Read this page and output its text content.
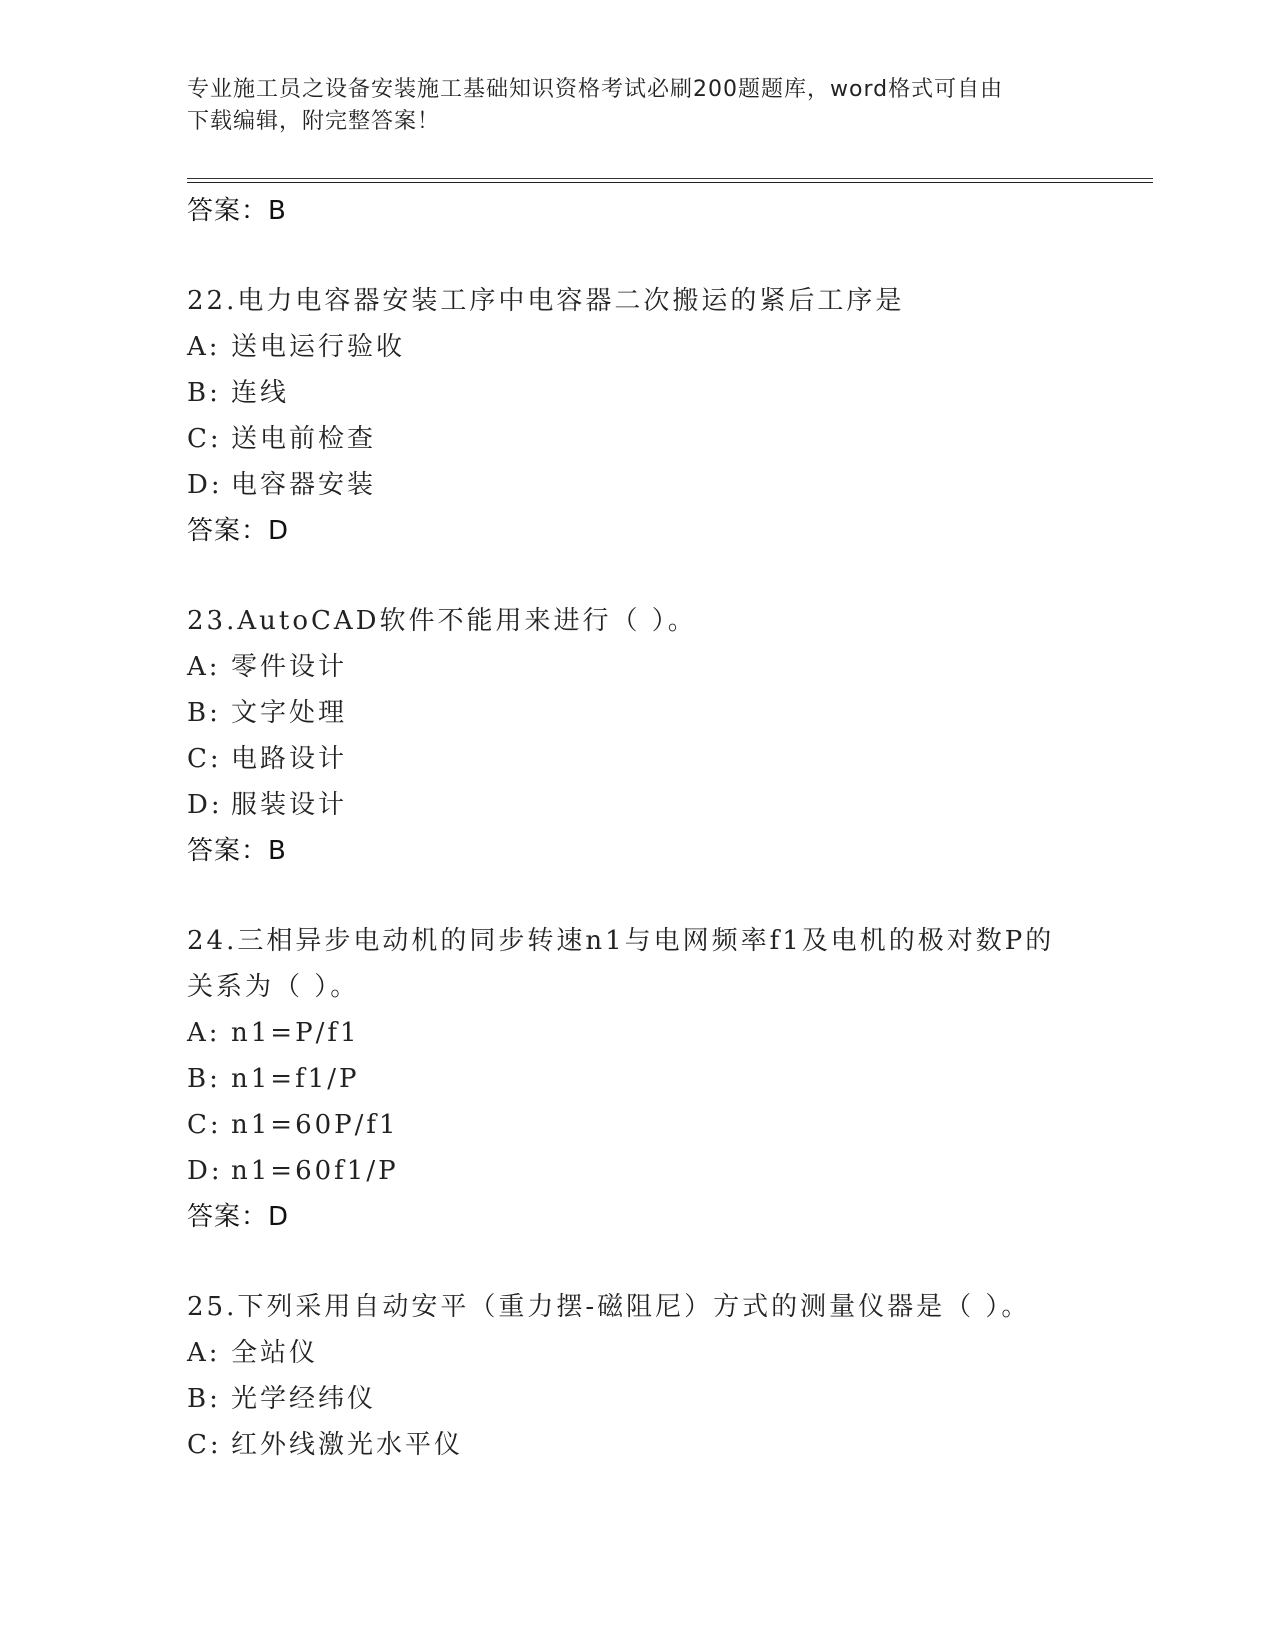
专业施工员之设备安装施工基础知识资格考试必刷200题题库，word格式可自由
下载编辑，附完整答案！
答案：B
22.电力电容器安装工序中电容器二次搬运的紧后工序是
A: 送电运行验收
B: 连线
C: 送电前检查
D: 电容器安装
答案：D
23.AutoCAD软件不能用来进行（ ）。
A: 零件设计
B: 文字处理
C: 电路设计
D: 服装设计
答案：B
24.三相异步电动机的同步转速n1与电网频率f1及电机的极对数P的关系为（ ）。
A: n1=P/f1
B: n1=f1/P
C: n1=60P/f1
D: n1=60f1/P
答案：D
25.下列采用自动安平（重力摆-磁阻尼）方式的测量仪器是（ ）。
A: 全站仪
B: 光学经纬仪
C: 红外线激光水平仪
